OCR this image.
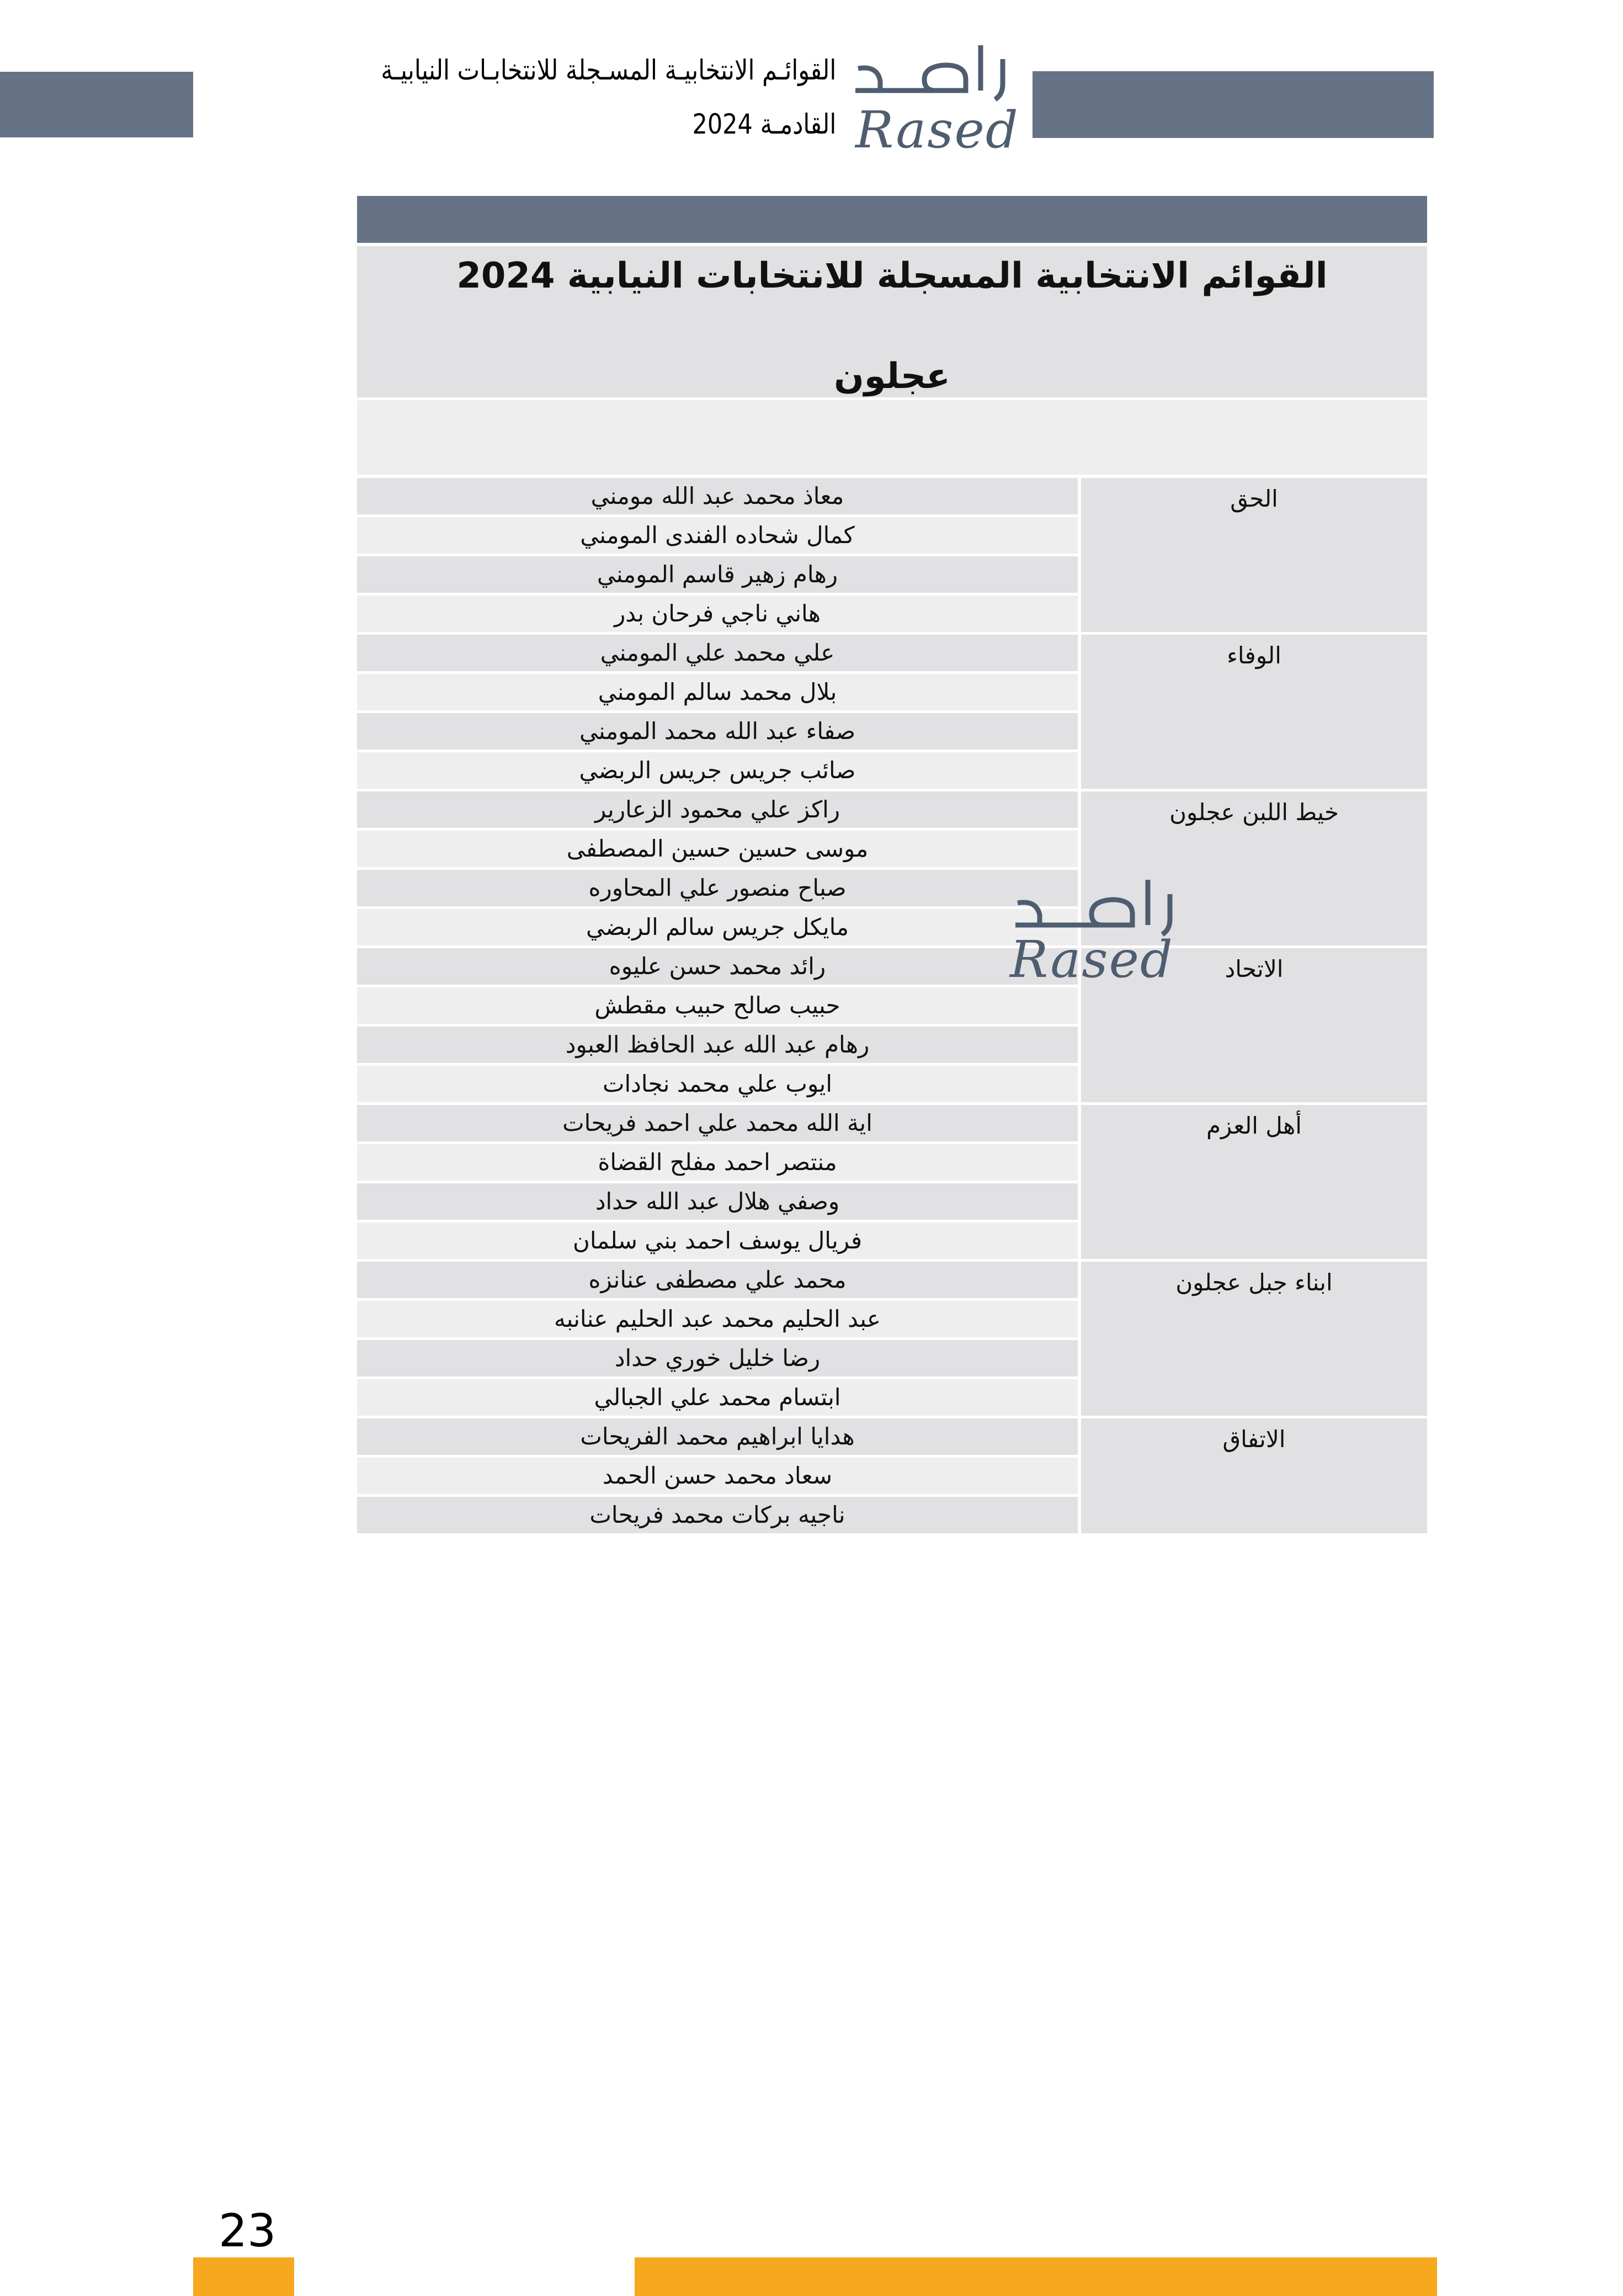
القوائـم الانتخابيـة المسـجلة للانتخابـات النيابيـة
القادمـة 2024 Rased
القوائم الانتخابية المسجلة للانتخابات النيابية 2024
عجلون
الحق
معاذ محمد عبد الله مومني
كمال شحاده الفندى المومني
رهام زهير قاسم المومني
هاني ناجي فرحان بدر
الوفاء
علي محمد علي المومني
بلال محمد سالم المومني
صفاء عبد الله محمد المومني
صائب جريس جريس الربضي
خيط اللبن عجلون
راكز علي محمود الزعارير
موسى حسين حسين المصطفى
صباح منصور علي المحاوره
مايكل جريس سالم الربضي
الاتحاد
رائد محمد حسن عليوه
حبيب صالح حبيب مقطش
رهام عبد الله عبد الحافظ العبود
ايوب علي محمد نجادات
أهل العزم
اية الله محمد علي احمد فريحات
منتصر احمد مفلح القضاة
وصفي هلال عبد الله حداد
فريال يوسف احمد بني سلمان
ابناء جبل عجلون
محمد علي مصطفى عنانزه
عبد الحليم محمد عبد الحليم عنانبه
رضا خليل خوري حداد
ابتسام محمد علي الجبالي
الاتفاق
هدايا ابراهيم محمد الفريحات
سعاد محمد حسن الحمد
ناجيه بركات محمد فريحات
Rased
23
